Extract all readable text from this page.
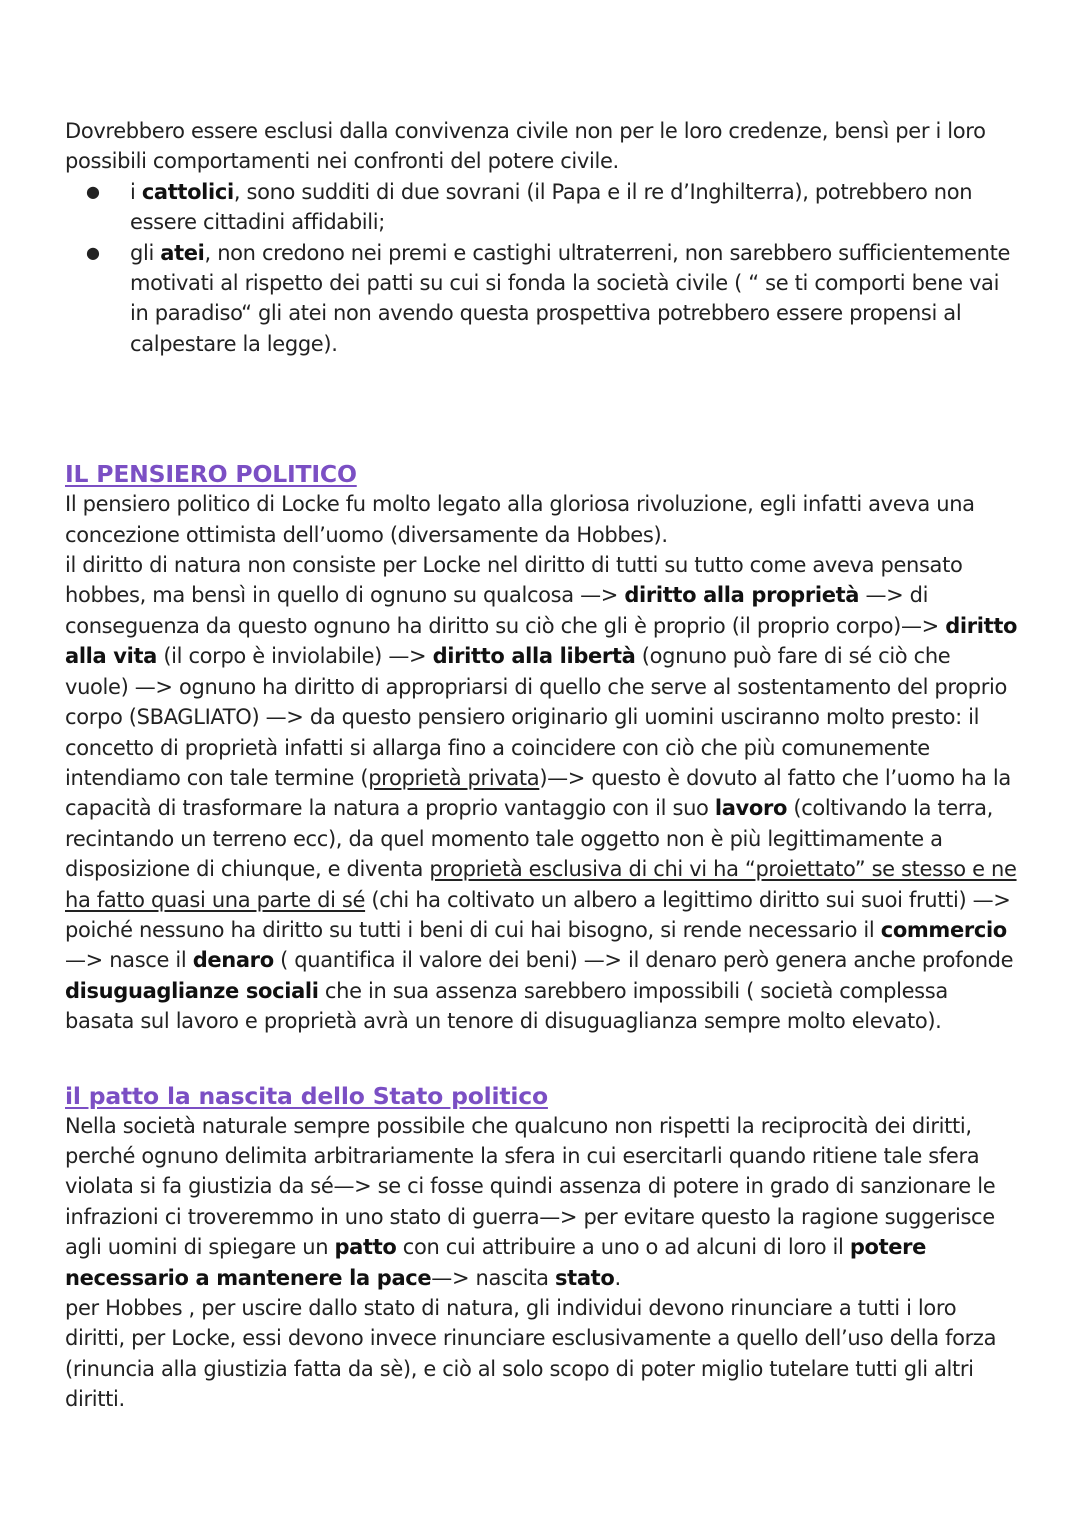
Dovrebbero essere esclusi dalla convivenza civile non per le loro credenze, bensì per i loro possibili comportamenti nei confronti del potere civile.

● i cattolici, sono sudditi di due sovrani (il Papa e il re d’Inghilterra), potrebbero non essere cittadini affidabili;
● gli atei, non credono nei premi e castighi ultraterreni, non sarebbero sufficientemente motivati al rispetto dei patti su cui si fonda la società civile ( “ se ti comporti bene vai in paradiso“ gli atei non avendo questa prospettiva potrebbero essere propensi al calpestare la legge).
IL PENSIERO POLITICO

Il pensiero politico di Locke fu molto legato alla gloriosa rivoluzione, egli infatti aveva una concezione ottimista dell’uomo (diversamente da Hobbes).

il diritto di natura non consiste per Locke nel diritto di tutti su tutto come aveva pensato hobbes, ma bensì in quello di ognuno su qualcosa —> diritto alla proprietà —> di conseguenza da questo ognuno ha diritto su ciò che gli è proprio (il proprio corpo)—> diritto alla vita (il corpo è inviolabile) —> diritto alla libertà (ognuno può fare di sé ciò che vuole) —> ognuno ha diritto di appropriarsi di quello che serve al sostentamento del proprio corpo (SBAGLIATO) —> da questo pensiero originario gli uomini usciranno molto presto: il concetto di proprietà infatti si allarga fino a coincidere con ciò che più comunemente intendiamo con tale termine (proprietà privata)—> questo è dovuto al fatto che l’uomo ha la capacità di trasformare la natura a proprio vantaggio con il suo lavoro (coltivando la terra, recintando un terreno ecc), da quel momento tale oggetto non è più legittimamente a disposizione di chiunque, e diventa proprietà esclusiva di chi vi ha “proiettato” se stesso e ne ha fatto quasi una parte di sé (chi ha coltivato un albero a legittimo diritto sui suoi frutti) —> poiché nessuno ha diritto su tutti i beni di cui hai bisogno, si rende necessario il commercio —> nasce il denaro ( quantifica il valore dei beni) —> il denaro però genera anche profonde disuguaglianze sociali che in sua assenza sarebbero impossibili ( società complessa basata sul lavoro e proprietà avrà un tenore di disuguaglianza sempre molto elevato).

il patto la nascita dello Stato politico

Nella società naturale sempre possibile che qualcuno non rispetti la reciprocità dei diritti, perché ognuno delimita arbitrariamente la sfera in cui esercitarli quando ritiene tale sfera violata si fa giustizia da sé—> se ci fosse quindi assenza di potere in grado di sanzionare le infrazioni ci troveremmo in uno stato di guerra—> per evitare questo la ragione suggerisce agli uomini di spiegare un patto con cui attribuire a uno o ad alcuni di loro il potere necessario a mantenere la pace—> nascita stato.

per Hobbes , per uscire dallo stato di natura, gli individui devono rinunciare a tutti i loro diritti, per Locke, essi devono invece rinunciare esclusivamente a quello dell’uso della forza (rinuncia alla giustizia fatta da sè), e ciò al solo scopo di poter miglio tutelare tutti gli altri diritti.
